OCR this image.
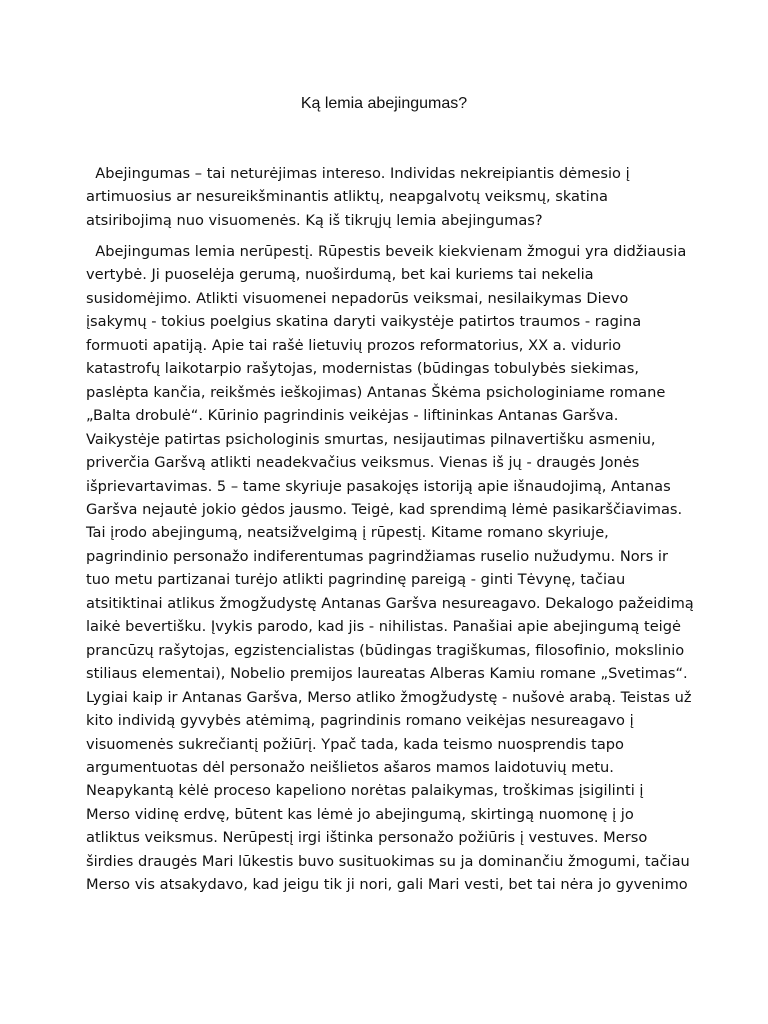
Ką lemia abejingumas?

Abejingumas – tai neturėjimas intereso. Individas nekreipiantis dėmesio į
artimuosius ar nesureikšminantis atliktų, neapgalvotų veiksmų, skatina
atsiribojimą nuo visuomenės. Ką iš tikrųjų lemia abejingumas?

Abejingumas lemia nerūpestį. Rūpestis beveik kiekvienam žmogui yra didžiausia
vertybė. Ji puoselėja gerumą, nuoširdumą, bet kai kuriems tai nekelia
susidomėjimo. Atlikti visuomenei nepadorūs veiksmai, nesilaikymas Dievo
įsakymų - tokius poelgius skatina daryti vaikystėje patirtos traumos - ragina
formuoti apatiją. Apie tai rašė lietuvių prozos reformatorius, XX a. vidurio
katastrofų laikotarpio rašytojas, modernistas (būdingas tobulybės siekimas,
paslėpta kančia, reikšmės ieškojimas) Antanas Škėma psichologiniame romane
„Balta drobulė“. Kūrinio pagrindinis veikėjas - liftininkas Antanas Garšva.
Vaikystėje patirtas psichologinis smurtas, nesijautimas pilnavertišku asmeniu,
priverčia Garšvą atlikti neadekvačius veiksmus. Vienas iš jų - draugės Jonės
išprievartavimas. 5 – tame skyriuje pasakojęs istoriją apie išnaudojimą, Antanas
Garšva nejautė jokio gėdos jausmo. Teigė, kad sprendimą lėmė pasikarščiavimas.
Tai įrodo abejingumą, neatsižvelgimą į rūpestį. Kitame romano skyriuje,
pagrindinio personažo indiferentumas pagrindžiamas ruselio nužudymu. Nors ir
tuo metu partizanai turėjo atlikti pagrindinę pareigą - ginti Tėvynę, tačiau
atsitiktinai atlikus žmogžudystę Antanas Garšva nesureagavo. Dekalogo pažeidimą
laikė bevertišku. Įvykis parodo, kad jis - nihilistas. Panašiai apie abejingumą teigė
prancūzų rašytojas, egzistencialistas (būdingas tragiškumas, filosofinio, mokslinio
stiliaus elementai), Nobelio premijos laureatas Alberas Kamiu romane „Svetimas“.
Lygiai kaip ir Antanas Garšva, Merso atliko žmogžudystę - nušovė arabą. Teistas už
kito individą gyvybės atėmimą, pagrindinis romano veikėjas nesureagavo į
visuomenės sukrečiantį požiūrį. Ypač tada, kada teismo nuosprendis tapo
argumentuotas dėl personažo neišlietos ašaros mamos laidotuvių metu.
Neapykantą kėlė proceso kapeliono norėtas palaikymas, troškimas įsigilinti į
Merso vidinę erdvę, būtent kas lėmė jo abejingumą, skirtingą nuomonę į jo
atliktus veiksmus. Nerūpestį irgi ištinka personažo požiūris į vestuves. Merso
širdies draugės Mari lūkestis buvo susituokimas su ja dominančiu žmogumi, tačiau
Merso vis atsakydavo, kad jeigu tik ji nori, gali Mari vesti, bet tai nėra jo gyvenimo
